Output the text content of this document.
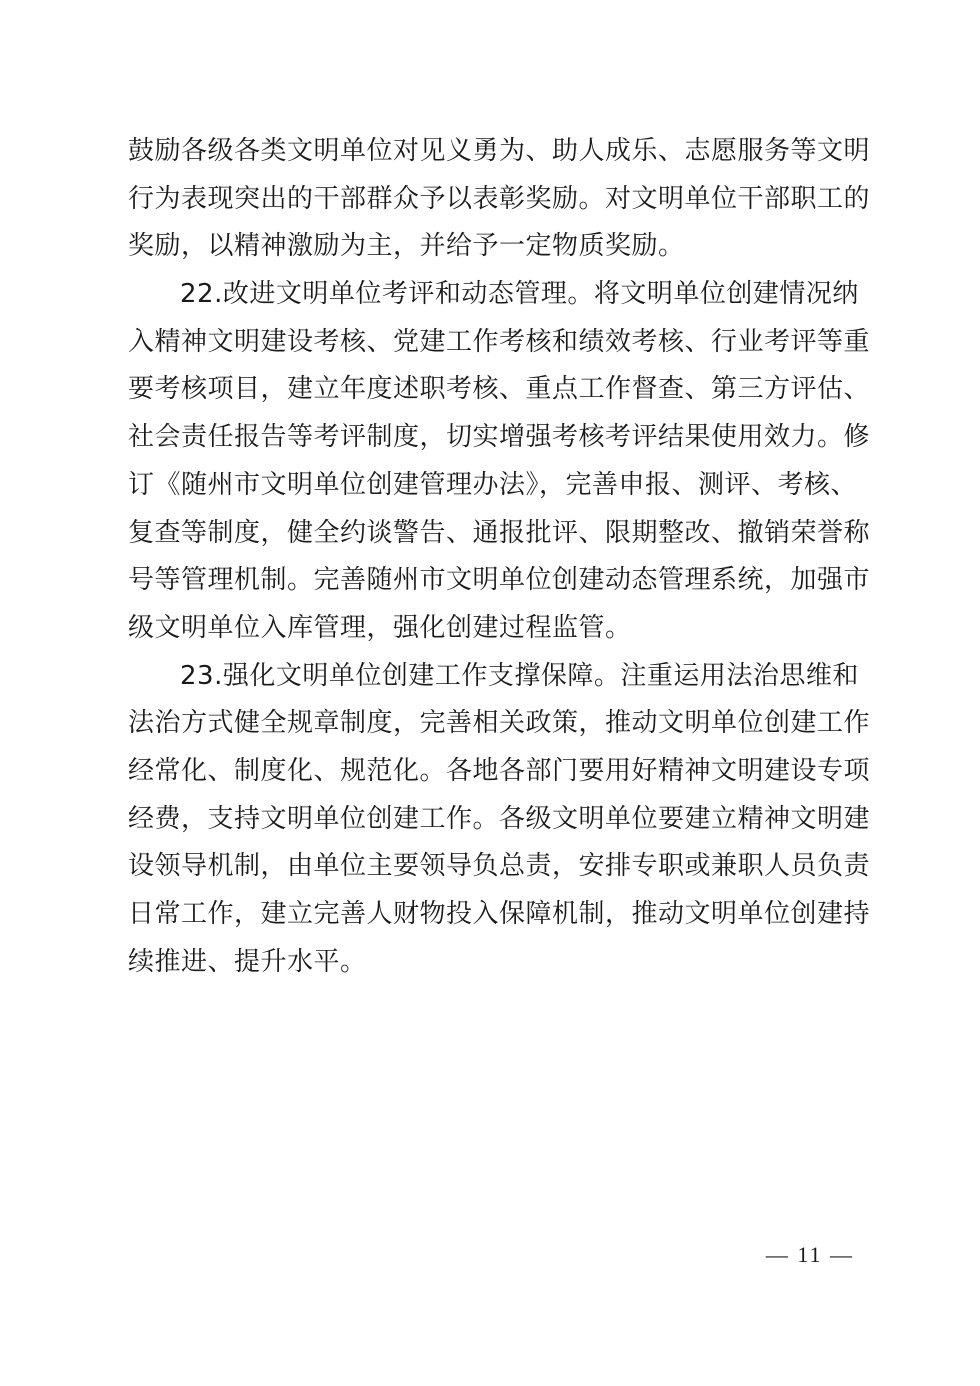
鼓励各级各类文明单位对见义勇为、助人成乐、志愿服务等文明
行为表现突出的干部群众予以表彰奖励。对文明单位干部职工的
奖励，以精神激励为主，并给予一定物质奖励。
22.改进文明单位考评和动态管理。将文明单位创建情况纳
入精神文明建设考核、党建工作考核和绩效考核、行业考评等重
要考核项目，建立年度述职考核、重点工作督查、第三方评估、
社会责任报告等考评制度，切实增强考核考评结果使用效力。修
订《随州市文明单位创建管理办法》，完善申报、测评、考核、
复查等制度，健全约谈警告、通报批评、限期整改、撤销荣誉称
号等管理机制。完善随州市文明单位创建动态管理系统，加强市
级文明单位入库管理，强化创建过程监管。
23.强化文明单位创建工作支撑保障。注重运用法治思维和
法治方式健全规章制度，完善相关政策，推动文明单位创建工作
经常化、制度化、规范化。各地各部门要用好精神文明建设专项
经费，支持文明单位创建工作。各级文明单位要建立精神文明建
设领导机制，由单位主要领导负总责，安排专职或兼职人员负责
日常工作，建立完善人财物投入保障机制，推动文明单位创建持
续推进、提升水平。
— 11 —
